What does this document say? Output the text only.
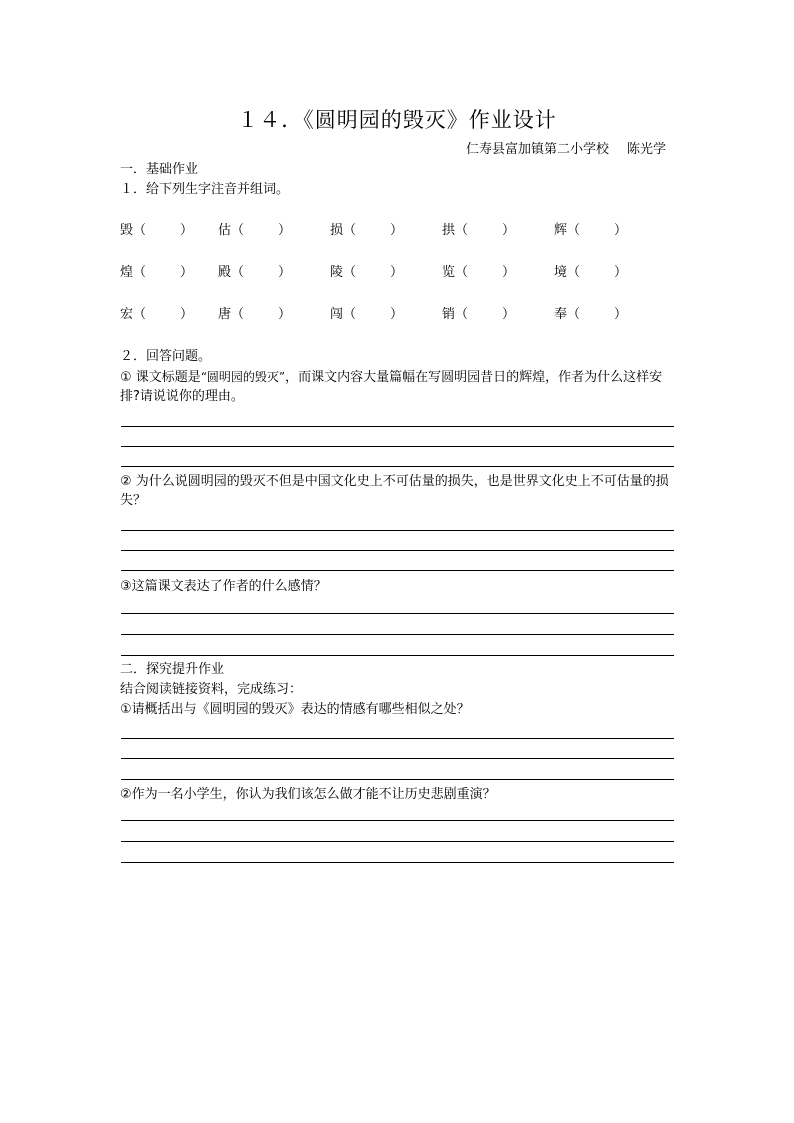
１４．《圆明园的毁灭》作业设计
仁寿县富加镇第二小学校 陈光学
一．基础作业
１．给下列生字注音并组词。
毁（	） 估（	）	损（	）	拱（	）	辉（	）
煌（	） 殿（	）	陵（	）	览（	）	境（	）
宏（	） 唐（	）	闯（	）	销（	）	奉（	）
２．回答问题。
① 课文标题是“圆明园的毁灭”，而课文内容大量篇幅在写圆明园昔日的辉煌，作者为什么这样安排?请说说你的理由。
② 为什么说圆明园的毁灭不但是中国文化史上不可估量的损失，也是世界文化史上不可估量的损失？
③这篇课文表达了作者的什么感情？
二．探究提升作业
结合阅读链接资料，完成练习：
①请概括出与《圆明园的毁灭》表达的情感有哪些相似之处？
②作为一名小学生，你认为我们该怎么做才能不让历史悲剧重演？
